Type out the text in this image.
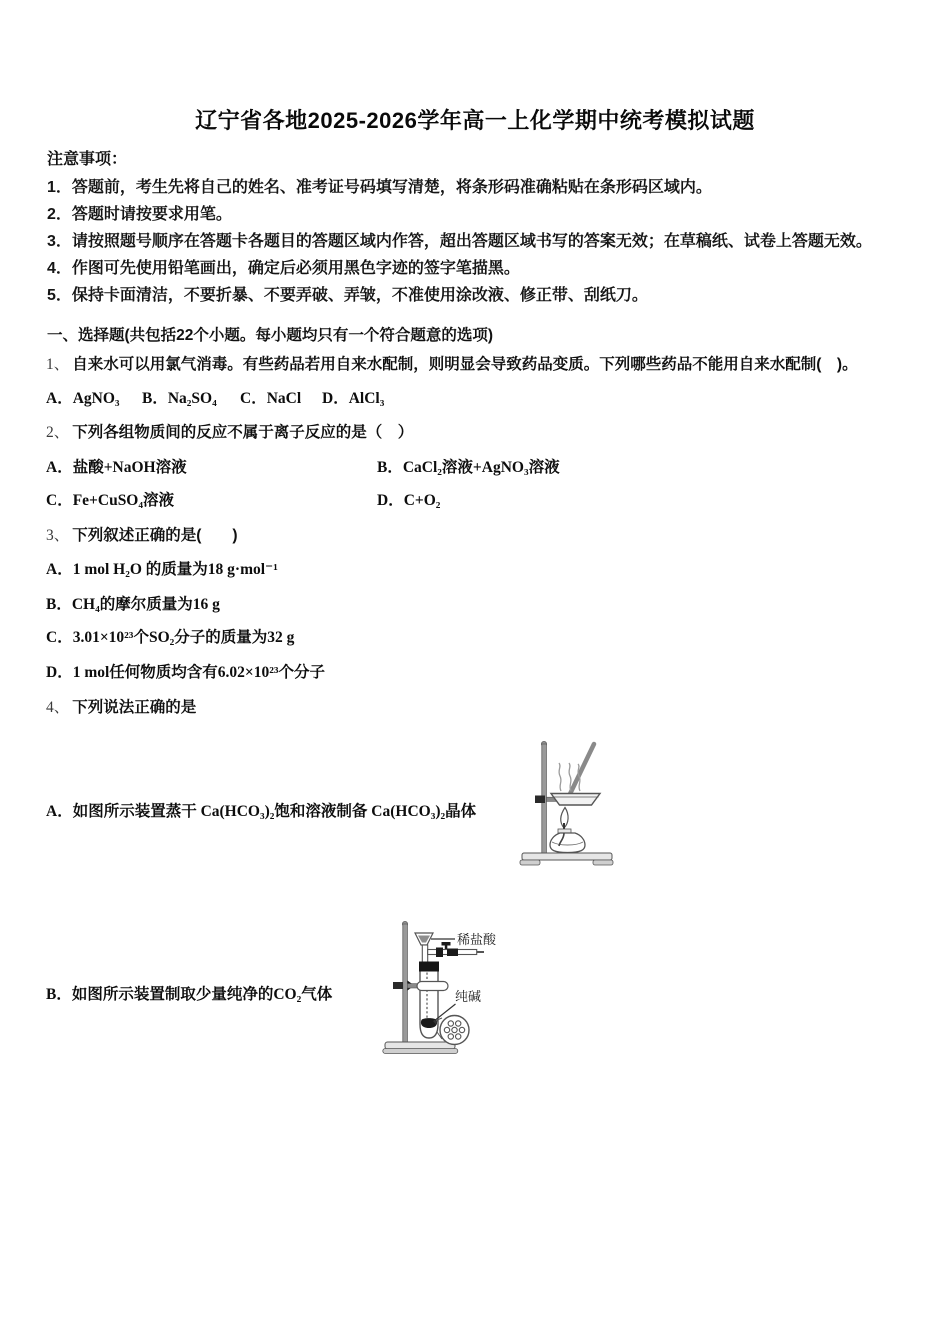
辽宁省各地2025-2026学年高一上化学期中统考模拟试题
注意事项：
1．答题前，考生先将自己的姓名、准考证号码填写清楚，将条形码准确粘贴在条形码区域内。
2．答题时请按要求用笔。
3．请按照题号顺序在答题卡各题目的答题区域内作答，超出答题区域书写的答案无效；在草稿纸、试卷上答题无效。
4．作图可先使用铅笔画出，确定后必须用黑色字迹的签字笔描黑。
5．保持卡面清洁，不要折暴、不要弄破、弄皱，不准使用涂改液、修正带、刮纸刀。
一、选择题(共包括22个小题。每小题均只有一个符合题意的选项)
1、 自来水可以用氯气消毒。有些药品若用自来水配制，则明显会导致药品变质。下列哪些药品不能用自来水配制(　)。
A．AgNO₃ B．Na₂SO₄ C．NaCl D．AlCl₃
2、 下列各组物质间的反应不属于离子反应的是（　）
A．盐酸+NaOH溶液	B．CaCl₂溶液+AgNO₃溶液
C．Fe+CuSO₄溶液	D．C+O₂
3、 下列叙述正确的是(　　)
A．1 mol H₂O 的质量为18 g·mol⁻¹
B．CH₄的摩尔质量为16 g
C．3.01×10²³个SO₂分子的质量为32 g
D．1 mol任何物质均含有6.02×10²³个分子
4、 下列说法正确的是
A．如图所示装置蒸干 Ca(HCO₃)₂饱和溶液制备 Ca(HCO₃)₂晶体
B．如图所示装置制取少量纯净的CO₂气体
稀盐酸
纯碱
